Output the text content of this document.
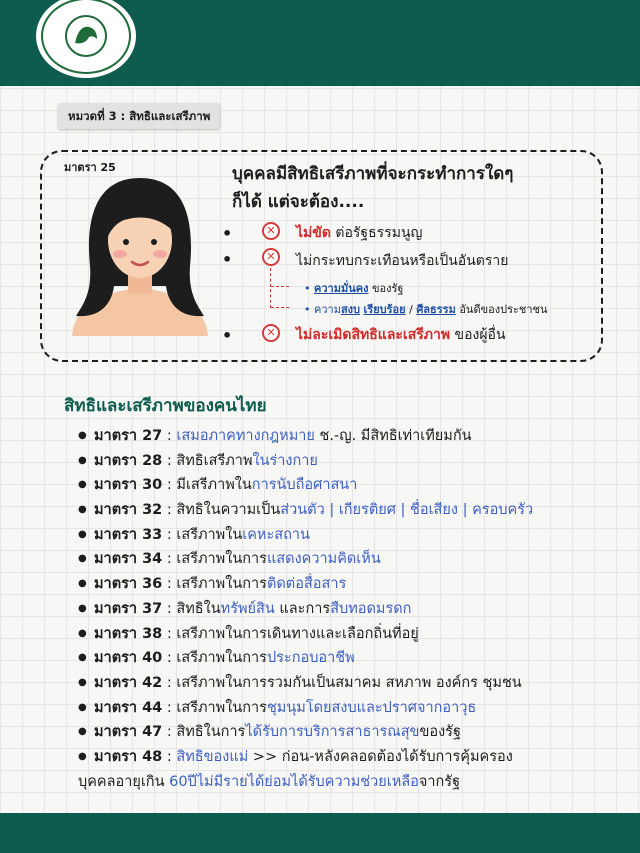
หมวดที่ 3 : สิทธิและเสรีภาพ
มาตรา 25	บุคคลมีสิทธิเสรีภาพที่จะกระทำการใดๆ
ก็ได้ แต่จะต้อง....
•	✕	ไม่ขัด ต่อรัฐธรรมนูญ
•	✕	ไม่กระทบกระเทือนหรือเป็นอันตราย
• ความมั่นคง ของรัฐ
• ความสงบ เรียบร้อย / ศีลธรรม อันดีของประชาชน
•	✕	ไม่ละเมิดสิทธิและเสรีภาพ ของผู้อื่น
สิทธิและเสรีภาพของคนไทย
● มาตรา 27 : เสมอภาคทางกฎหมาย ช.-ญ. มีสิทธิเท่าเทียมกัน
● มาตรา 28 : สิทธิเสรีภาพในร่างกาย
● มาตรา 30 : มีเสรีภาพในการนับถือศาสนา
● มาตรา 32 : สิทธิในความเป็นส่วนตัว | เกียรติยศ | ชื่อเสียง | ครอบครัว
● มาตรา 33 : เสรีภาพในเคหะสถาน
● มาตรา 34 : เสรีภาพในการแสดงความคิดเห็น
● มาตรา 36 : เสรีภาพในการติดต่อสื่อสาร
● มาตรา 37 : สิทธิในทรัพย์สิน และการสืบทอดมรดก
● มาตรา 38 : เสรีภาพในการเดินทางและเลือกถิ่นที่อยู่
● มาตรา 40 : เสรีภาพในการประกอบอาชีพ
● มาตรา 42 : เสรีภาพในการรวมกันเป็นสมาคม สหภาพ องค์กร ชุมชน
● มาตรา 44 : เสรีภาพในการชุมนุมโดยสงบและปราศจากอาวุธ
● มาตรา 47 : สิทธิในการได้รับการบริการสาธารณสุขของรัฐ
● มาตรา 48 : สิทธิของแม่ >> ก่อน-หลังคลอดต้องได้รับการคุ้มครอง
บุคคลอายุเกิน 60ปีไม่มีรายได้ย่อมได้รับความช่วยเหลือจากรัฐ
